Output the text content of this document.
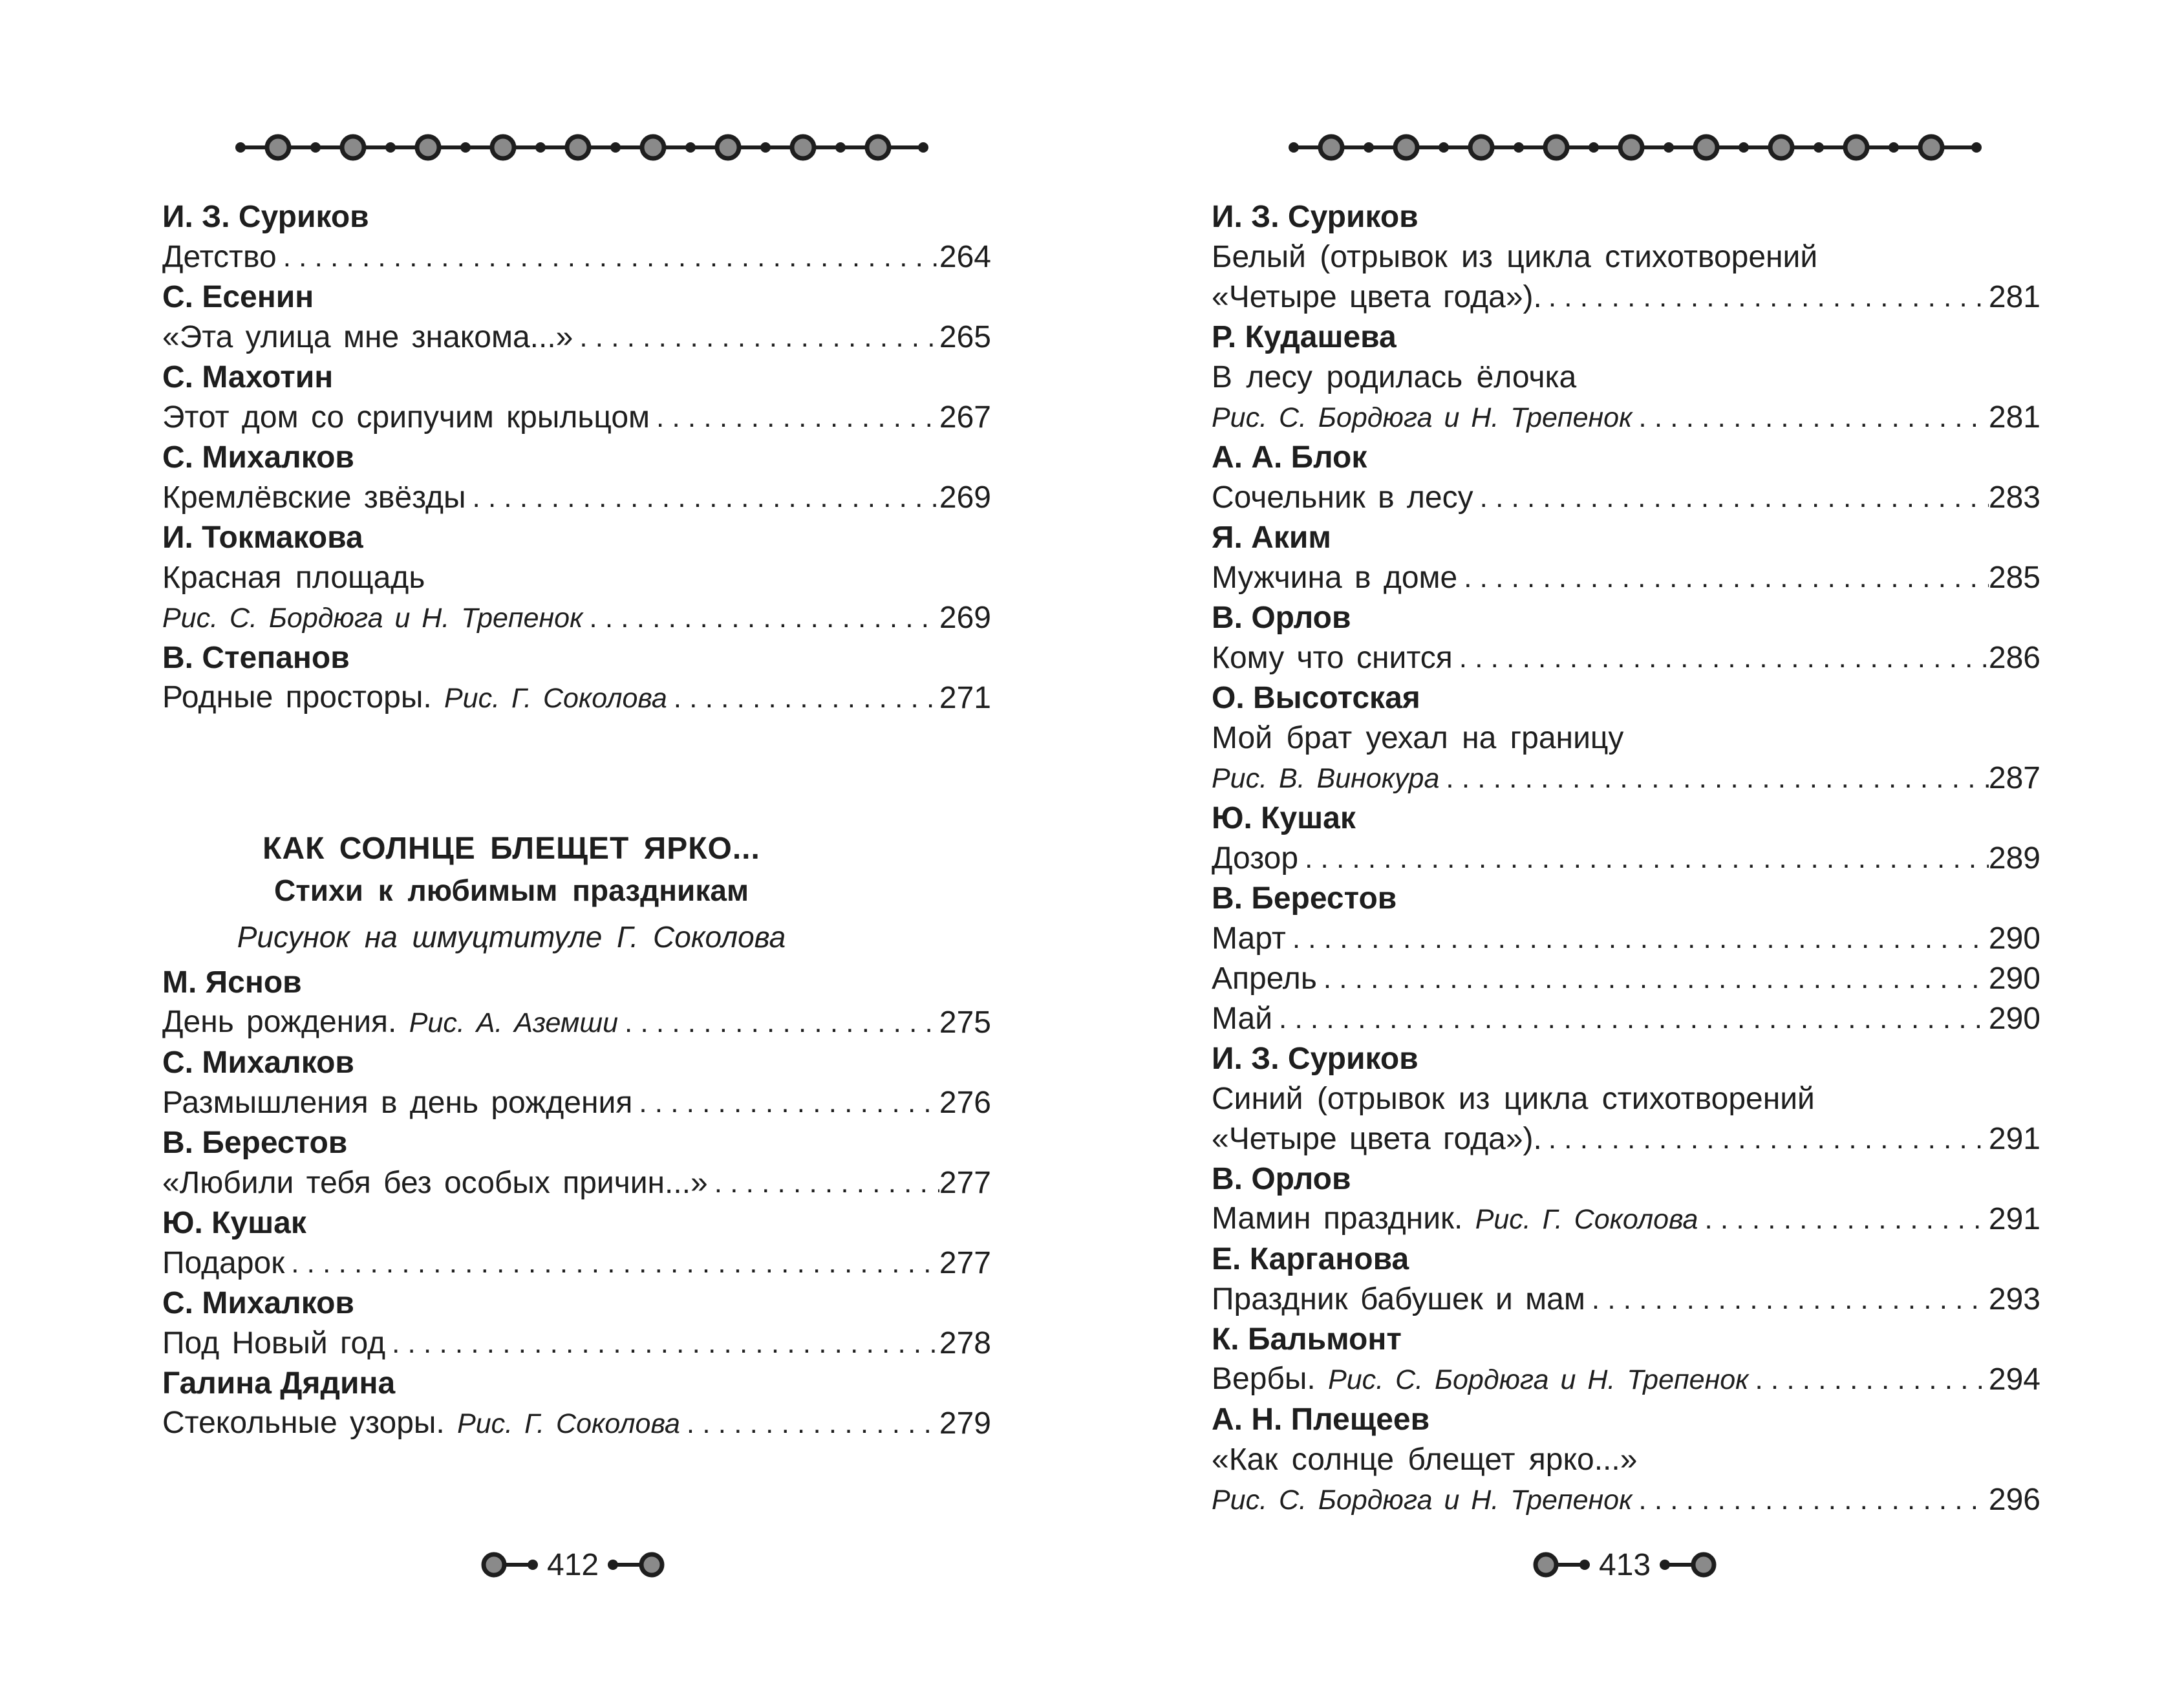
И. З. Суриков
Детство . . .	264
С. Есенин
«Эта улица мне знакома...» . . .	265
С. Махотин
Этот дом со срипучим крыльцом . . .	267
С. Михалков
Кремлёвские звёзды . . .	269
И. Токмакова
Красная площадь
Рис. С. Бордюга и Н. Трепенок . . .	269
В. Степанов
Родные просторы. Рис. Г. Соколова . . .	271
КАК СОЛНЦЕ БЛЕЩЕТ ЯРКО...
Стихи к любимым праздникам
Рисунок на шмуцтитуле Г. Соколова
М. Яснов
День рождения. Рис. А. Аземши . . .	275
С. Михалков
Размышления в день рождения . . .	276
В. Берестов
«Любили тебя без особых причин...» . . .	277
Ю. Кушак
Подарок . . .	277
С. Михалков
Под Новый год . . .	278
Галина Дядина
Стекольные узоры. Рис. Г. Соколова . . .	279
412
И. З. Суриков
Белый (отрывок из цикла стихотворений
«Четыре цвета года»). . . .	281
Р. Кудашева
В лесу родилась ёлочка
Рис. С. Бордюга и Н. Трепенок . . .	281
А. А. Блок
Сочельник в лесу . . .	283
Я. Аким
Мужчина в доме . . .	285
В. Орлов
Кому что снится . . .	286
О. Высотская
Мой брат уехал на границу
Рис. В. Винокура . . .	287
Ю. Кушак
Дозор . . .	289
В. Берестов
Март . . .	290
Апрель . . .	290
Май . . .	290
И. З. Суриков
Синий (отрывок из цикла стихотворений
«Четыре цвета года»). . . .	291
В. Орлов
Мамин праздник. Рис. Г. Соколова . . .	291
Е. Карганова
Праздник бабушек и мам . . .	293
К. Бальмонт
Вербы. Рис. С. Бордюга и Н. Трепенок . . .	294
А. Н. Плещеев
«Как солнце блещет ярко...»
Рис. С. Бордюга и Н. Трепенок . . .	296
413
